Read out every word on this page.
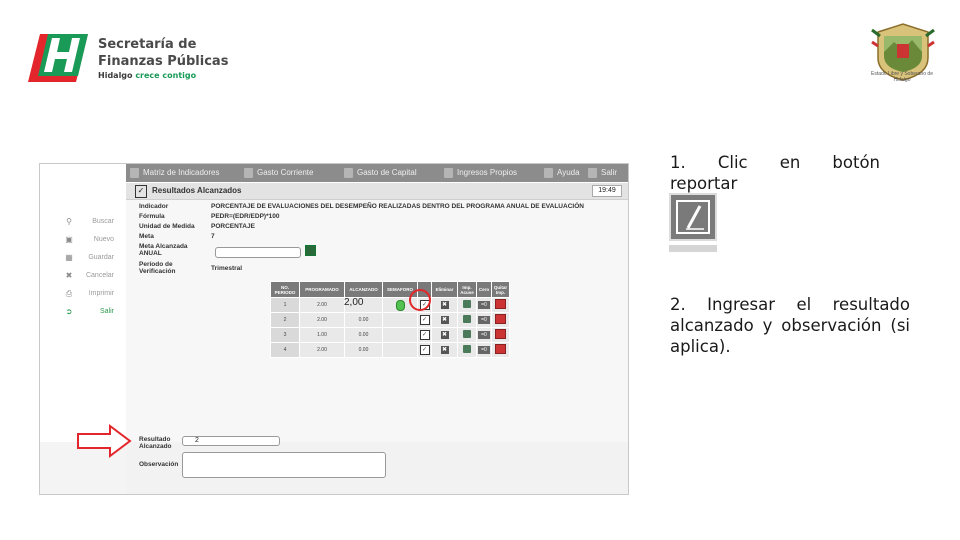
Secretaría de
Finanzas Públicas
Hidalgo crece contigo	Estado Libre y Soberano de Hidalgo
⚲	Buscar
▣	Nuevo
▦ Guardar
✖ Cancelar
⎙ Imprimir
➲	Salir
Matriz de Indicadores	Gasto Corriente	Gasto de Capital	Ingresos Propios	Ayuda	Salir
✓ Resultados Alcanzados	19:49
Indicador	PORCENTAJE DE EVALUACIONES DEL DESEMPEÑO REALIZADAS DENTRO DEL PROGRAMA ANUAL DE EVALUACIÓN
Fórmula	PEDR=(EDR/EDP)*100
Unidad de Medida	PORCENTAJE
Meta	7
Meta Alcanzada
ANUAL
Período de
Verificación	Trimestral
NO. PERIODO	PROGRAMADO	ALCANZADO	SEMAFORO		Eliminar	Imp. Acuse	Cero	Quitar Imp.
1	2.00			✓	✖		=0	
2	2.00	0.00		✓	✖		=0	
3	1.00	0.00		✓	✖		=0	
4	2.00	0.00		✓	✖		=0	
Resultado
Alcanzado
2
Observación
2,00
1. Clic en botón
reportar
2. Ingresar el resultado alcanzado y observación (si aplica).
